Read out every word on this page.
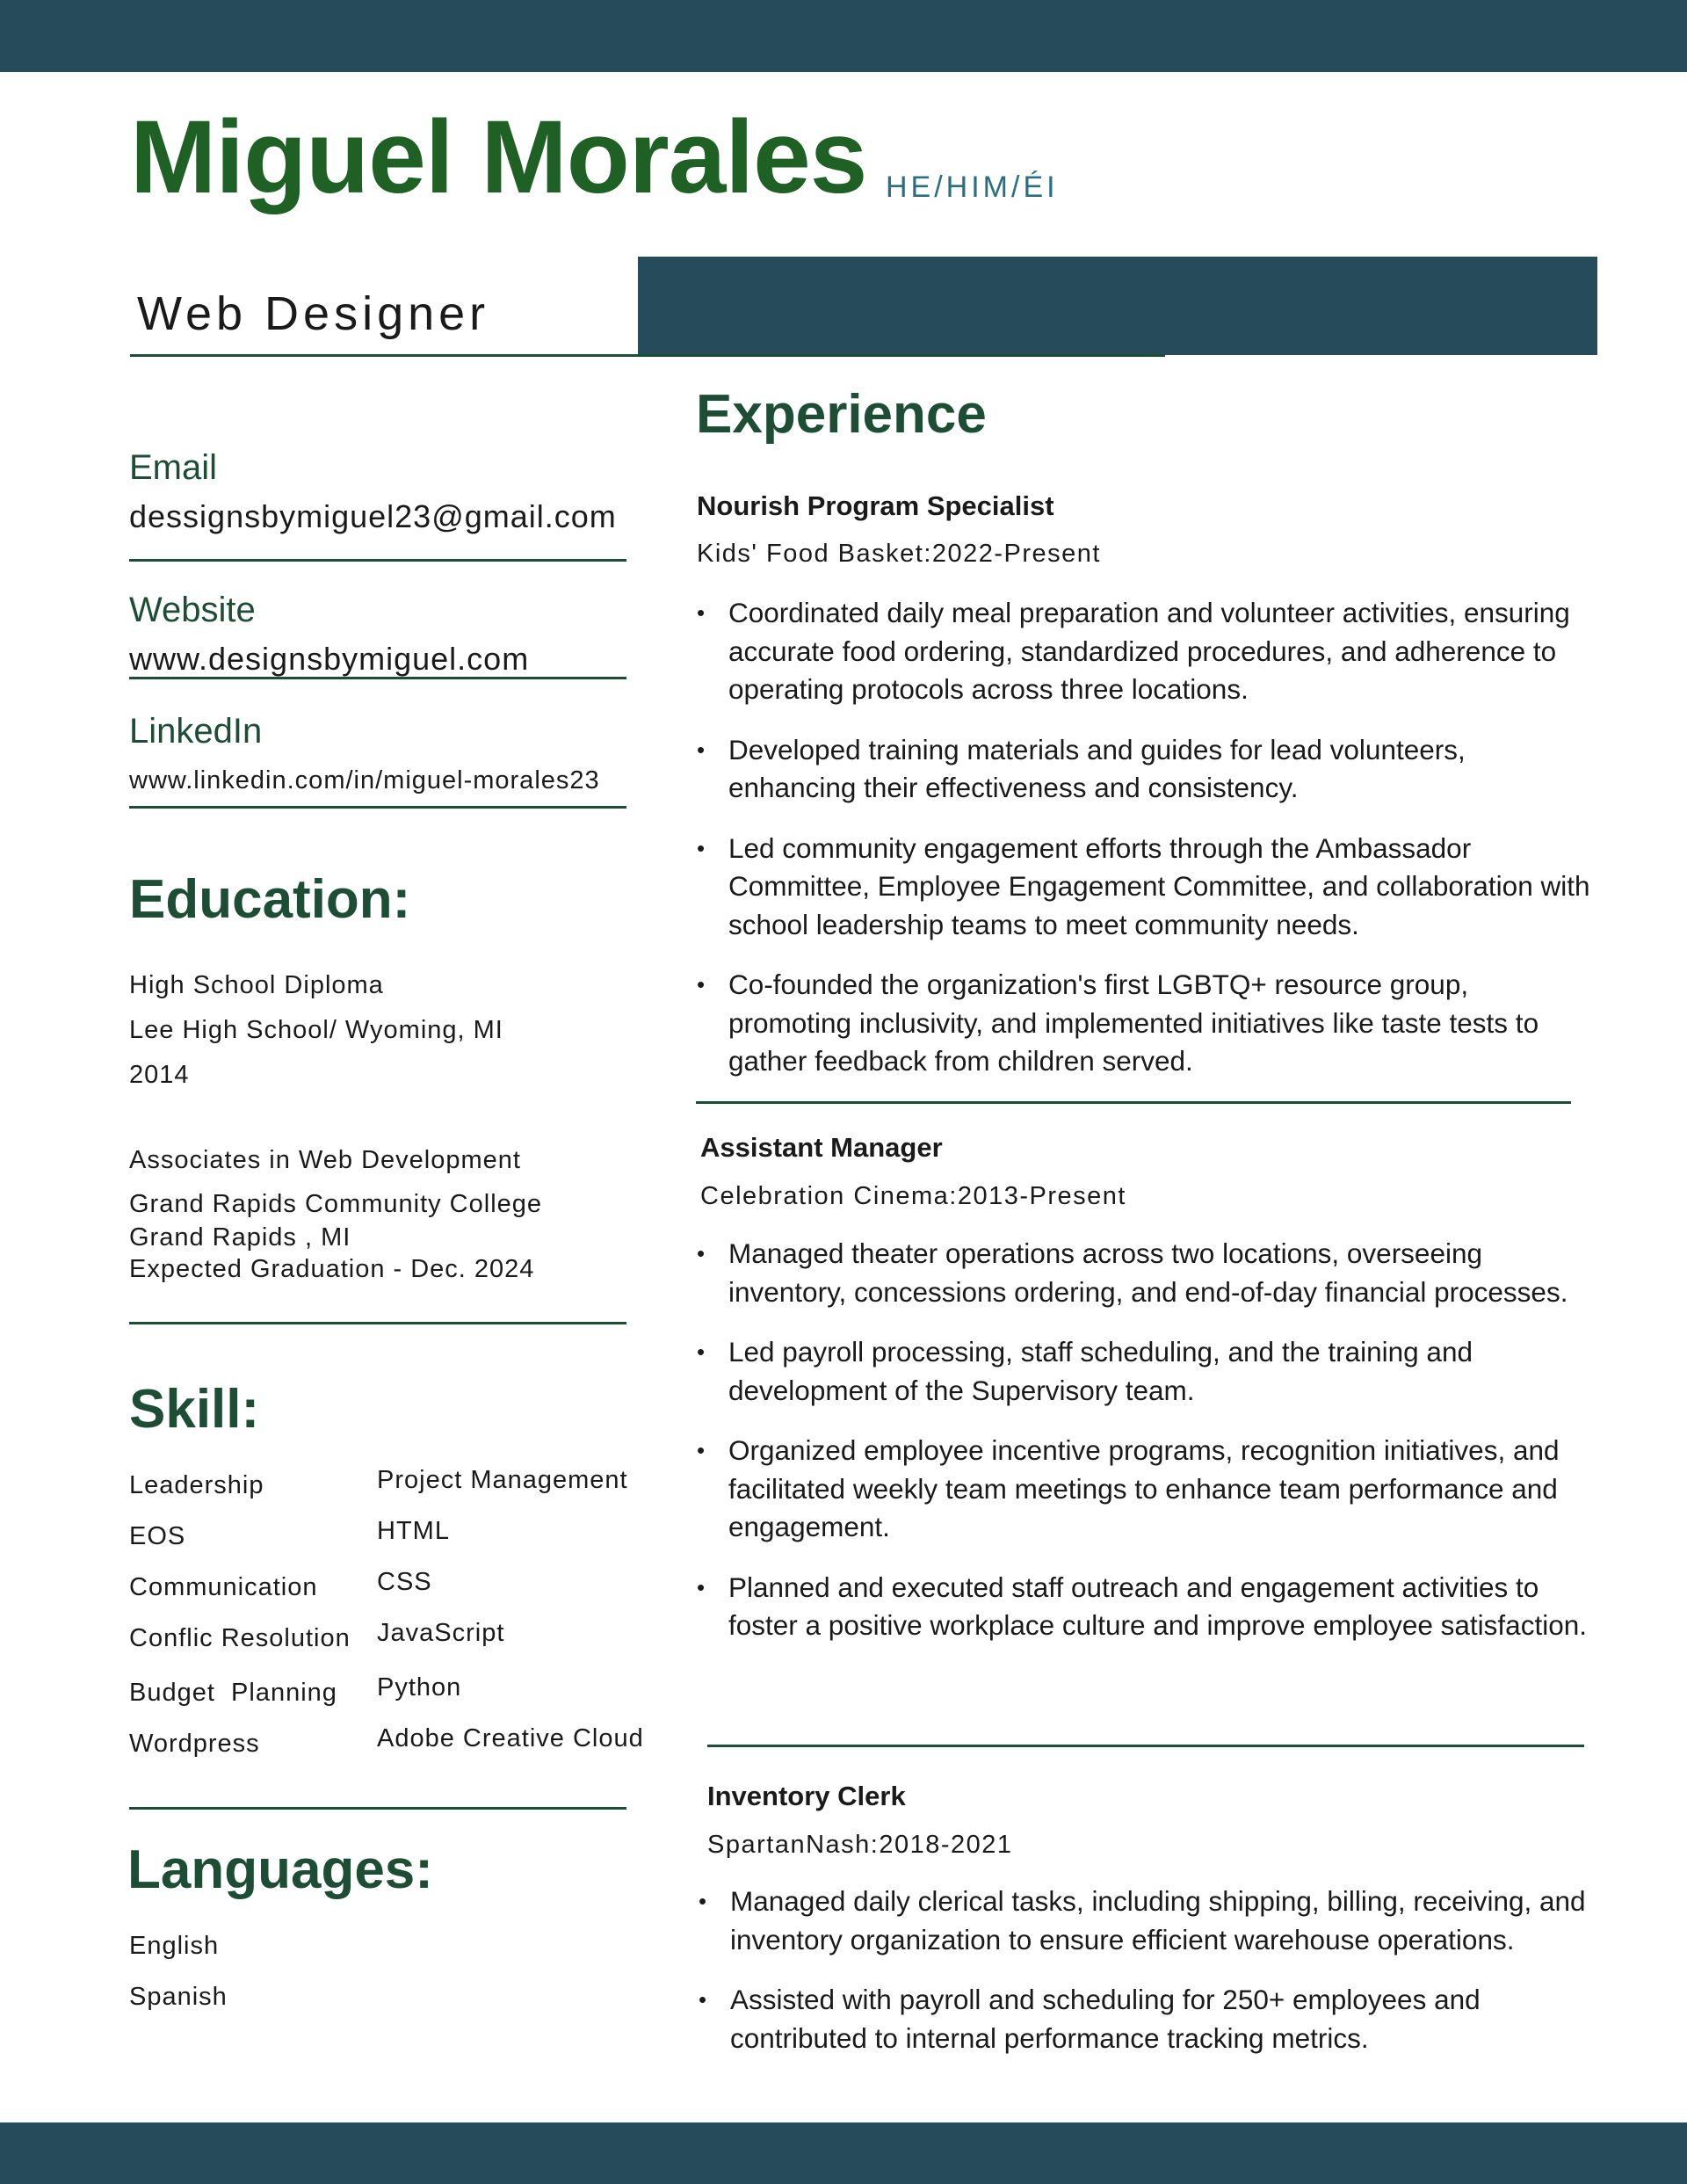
Miguel Morales HE/HIM/ÉI
Web Designer
Email
dessignsbymiguel23@gmail.com
Website
www.designsbymiguel.com
LinkedIn
www.linkedin.com/in/miguel-morales23
Education:
High School Diploma
Lee High School/ Wyoming, MI
2014
Associates in Web Development
Grand Rapids Community College
Grand Rapids , MI
Expected Graduation - Dec. 2024
Skill:
Leadership
EOS
Communication
Conflic Resolution
Budget  Planning
Wordpress
Project Management
HTML
CSS
JavaScript
Python
Adobe Creative Cloud
Languages:
English
Spanish
Experience
Nourish Program Specialist
Kids' Food Basket:2022-Present
• Coordinated daily meal preparation and volunteer activities, ensuring accurate food ordering, standardized procedures, and adherence to operating protocols across three locations.
• Developed training materials and guides for lead volunteers, enhancing their effectiveness and consistency.
• Led community engagement efforts through the Ambassador Committee, Employee Engagement Committee, and collaboration with school leadership teams to meet community needs.
• Co-founded the organization's first LGBTQ+ resource group, promoting inclusivity, and implemented initiatives like taste tests to gather feedback from children served.
Assistant Manager
Celebration Cinema:2013-Present
• Managed theater operations across two locations, overseeing inventory, concessions ordering, and end-of-day financial processes.
• Led payroll processing, staff scheduling, and the training and development of the Supervisory team.
• Organized employee incentive programs, recognition initiatives, and facilitated weekly team meetings to enhance team performance and engagement.
• Planned and executed staff outreach and engagement activities to foster a positive workplace culture and improve employee satisfaction.
Inventory Clerk
SpartanNash:2018-2021
• Managed daily clerical tasks, including shipping, billing, receiving, and inventory organization to ensure efficient warehouse operations.
• Assisted with payroll and scheduling for 250+ employees and contributed to internal performance tracking metrics.
